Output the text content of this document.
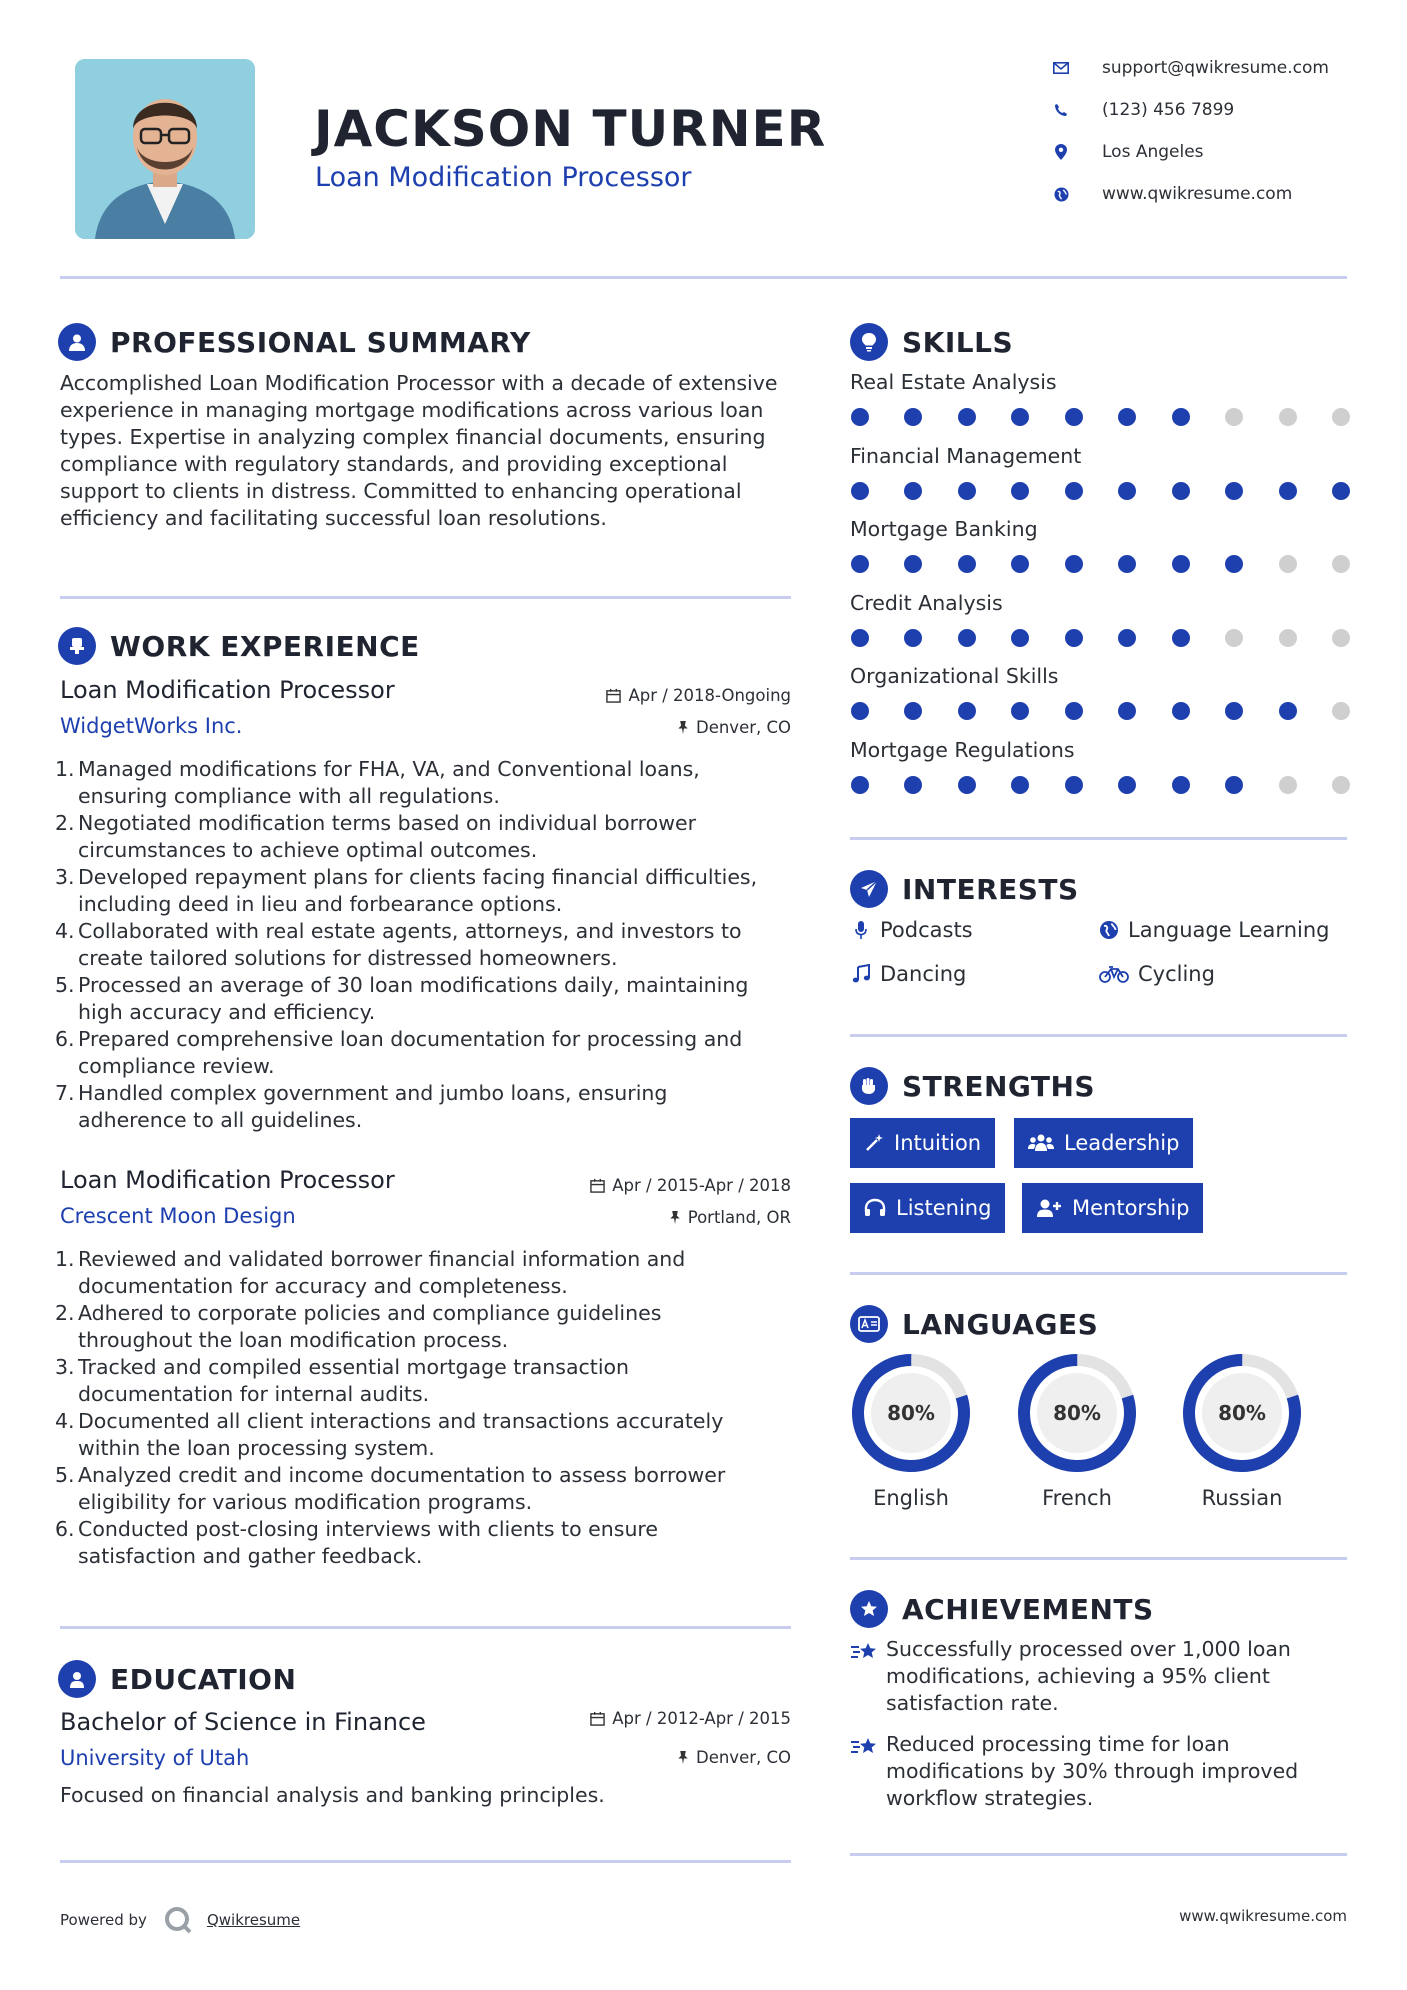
JACKSON TURNER
Loan Modification Processor
support@qwikresume.com
(123) 456 7899
Los Angeles
www.qwikresume.com
PROFESSIONAL SUMMARY
Accomplished Loan Modification Processor with a decade of extensive experience in managing mortgage modifications across various loan types. Expertise in analyzing complex financial documents, ensuring compliance with regulatory standards, and providing exceptional support to clients in distress. Committed to enhancing operational efficiency and facilitating successful loan resolutions.
WORK EXPERIENCE
Loan Modification Processor	Apr / 2018-Ongoing
WidgetWorks Inc.	Denver, CO
Managed modifications for FHA, VA, and Conventional loans, ensuring compliance with all regulations.
Negotiated modification terms based on individual borrower circumstances to achieve optimal outcomes.
Developed repayment plans for clients facing financial difficulties, including deed in lieu and forbearance options.
Collaborated with real estate agents, attorneys, and investors to create tailored solutions for distressed homeowners.
Processed an average of 30 loan modifications daily, maintaining high accuracy and efficiency.
Prepared comprehensive loan documentation for processing and compliance review.
Handled complex government and jumbo loans, ensuring adherence to all guidelines.
Loan Modification Processor	Apr / 2015-Apr / 2018
Crescent Moon Design	Portland, OR
Reviewed and validated borrower financial information and documentation for accuracy and completeness.
Adhered to corporate policies and compliance guidelines throughout the loan modification process.
Tracked and compiled essential mortgage transaction documentation for internal audits.
Documented all client interactions and transactions accurately within the loan processing system.
Analyzed credit and income documentation to assess borrower eligibility for various modification programs.
Conducted post-closing interviews with clients to ensure satisfaction and gather feedback.
EDUCATION
Bachelor of Science in Finance	Apr / 2012-Apr / 2015
University of Utah	Denver, CO
Focused on financial analysis and banking principles.
SKILLS
Real Estate Analysis
Financial Management
Mortgage Banking
Credit Analysis
Organizational Skills
Mortgage Regulations
INTERESTS
Podcasts	Language Learning
Dancing	Cycling
STRENGTHS
Intuition	Leadership
Listening	Mentorship
LANGUAGES
80%
English
80%
French
80%
Russian
ACHIEVEMENTS
Successfully processed over 1,000 loan modifications, achieving a 95% client satisfaction rate.
Reduced processing time for loan modifications by 30% through improved workflow strategies.
Powered by	Qwikresume	www.qwikresume.com
